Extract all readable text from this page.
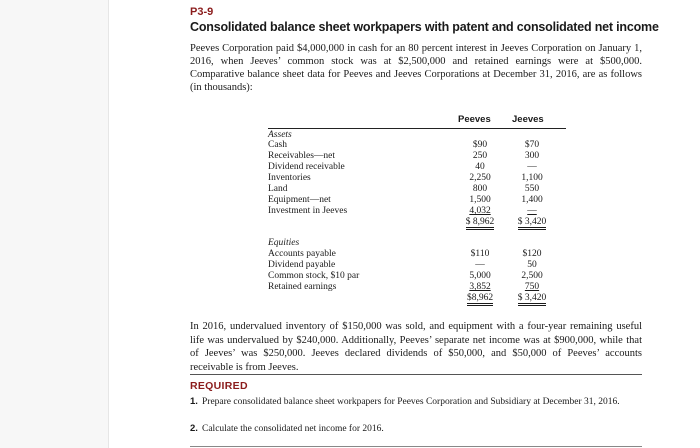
P3-9
Consolidated balance sheet workpapers with patent and consolidated net income
Peeves Corporation paid $4,000,000 in cash for an 80 percent interest in Jeeves Corporation on January 1, 2016, when Jeeves’ common stock was at $2,500,000 and retained earnings were at $500,000. Comparative balance sheet data for Peeves and Jeeves Corporations at December 31, 2016, are as follows (in thousands):
Peeves Jeeves
Assets
Cash	$90	$70
Receivables—net	250	300
Dividend receivable	40	—
Inventories	2,250	1,100
Land	800	550
Equipment—net	1,500	1,400
Investment in Jeeves	4,032	—
$ 8,962	$ 3,420
Equities
Accounts payable	$110	$120
Dividend payable	—	50
Common stock, $10 par	5,000	2,500
Retained earnings	3,852	750
$8,962	$ 3,420
In 2016, undervalued inventory of $150,000 was sold, and equipment with a four-year remaining useful life was undervalued by $240,000. Additionally, Peeves’ separate net income was at $900,000, while that of Jeeves’ was $250,000. Jeeves declared dividends of $50,000, and $50,000 of Peeves’ accounts receivable is from Jeeves.
REQUIRED
1. Prepare consolidated balance sheet workpapers for Peeves Corporation and Subsidiary at December 31, 2016.
2. Calculate the consolidated net income for 2016.
